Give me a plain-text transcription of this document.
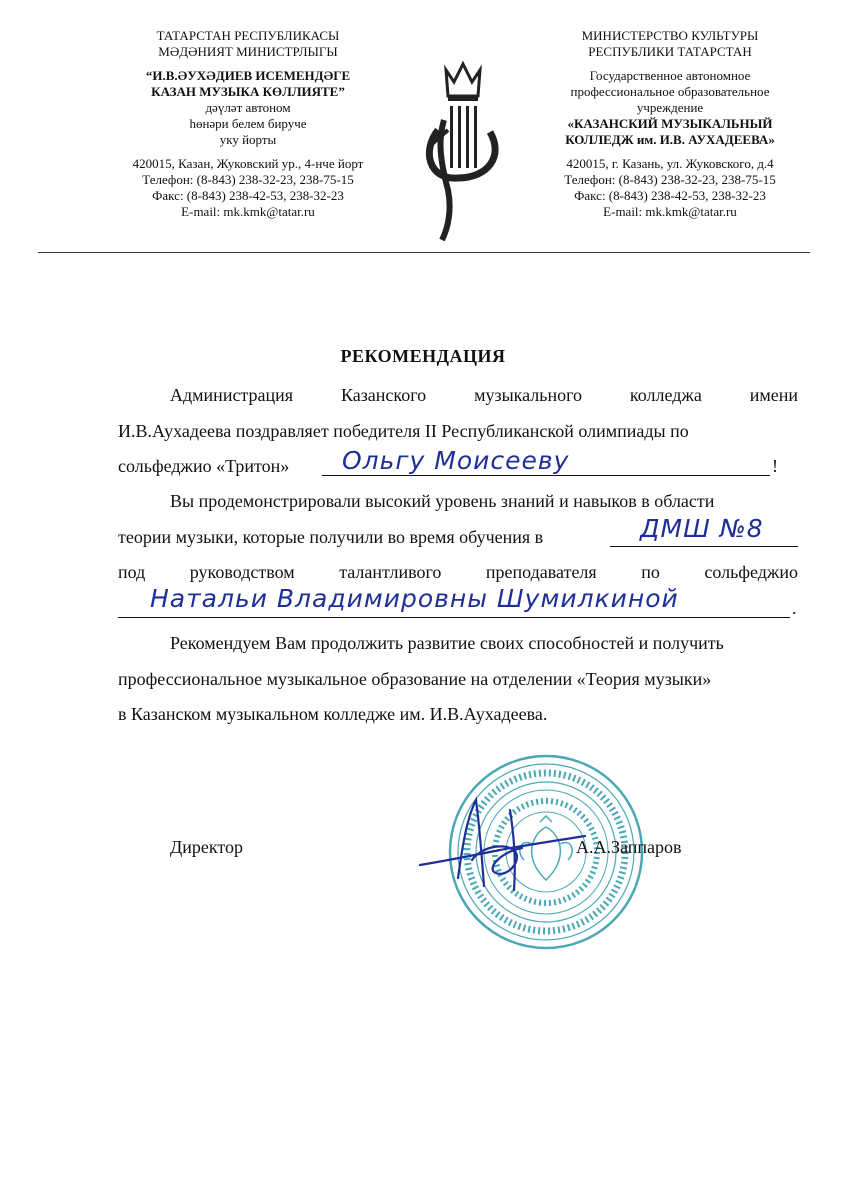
ТАТАРСТАН РЕСПУБЛИКАСЫ
МӘДӘНИЯТ МИНИСТРЛЫГЫ
“И.В.ӘУХӘДИЕВ ИСЕМЕНДӘГЕ
КАЗАН МУЗЫКА КӨЛЛИЯТЕ”
дәүләт автоном
һөнәри белем бируче
уку йорты
420015, Казан, Жуковский ур., 4-нче йорт
Телефон: (8-843) 238-32-23, 238-75-15
Факс: (8-843) 238-42-53, 238-32-23
E-mail: mk.kmk@tatar.ru
МИНИСТЕРСТВО КУЛЬТУРЫ
РЕСПУБЛИКИ ТАТАРСТАН
Государственное автономное
профессиональное образовательное
учреждение
«КАЗАНСКИЙ МУЗЫКАЛЬНЫЙ
КОЛЛЕДЖ им. И.В. АУХАДЕЕВА»
420015, г. Казань, ул. Жуковского, д.4
Телефон: (8-843) 238-32-23, 238-75-15
Факс: (8-843) 238-42-53, 238-32-23
E-mail: mk.kmk@tatar.ru
РЕКОМЕНДАЦИЯ
Администрация	Казанского	музыкального	колледжа	имени
И.В.Аухадеева поздравляет победителя II Республиканской олимпиады по
сольфеджио «Тритон»	Ольгу Моисееву	!
Вы продемонстрировали высокий уровень знаний и навыков в области
теории музыки, которые получили во время обучения в	ДМШ №8
под руководством талантливого преподавателя по сольфеджио
Натальи Владимировны Шумилкиной	.
Рекомендуем Вам продолжить развитие своих способностей и получить
профессиональное музыкальное образование на отделении «Теория музыки»
в Казанском музыкальном колледже им. И.В.Аухадеева.
Директор	А.А.Заппаров
